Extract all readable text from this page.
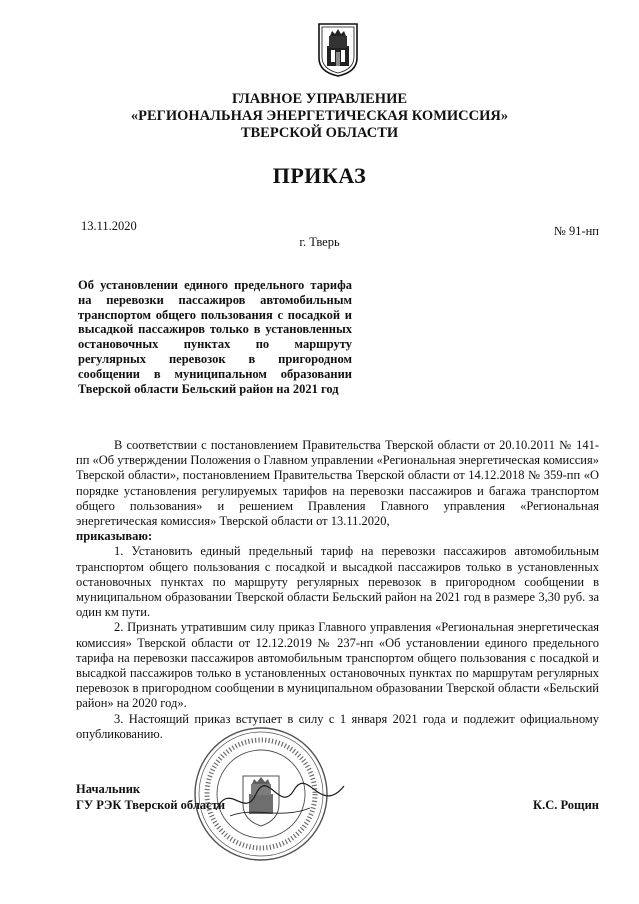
ГЛАВНОЕ УПРАВЛЕНИЕ
«РЕГИОНАЛЬНАЯ ЭНЕРГЕТИЧЕСКАЯ КОМИССИЯ»
ТВЕРСКОЙ ОБЛАСТИ
ПРИКАЗ
13.11.2020
г. Тверь
№ 91-нп
Об установлении единого предельного тарифа на перевозки пассажиров автомобильным транспортом общего пользования с посадкой и высадкой пассажиров только в установленных остановочных пунктах по маршруту регулярных перевозок в пригородном сообщении в муниципальном образовании Тверской области Бельский район на 2021 год

В соответствии с постановлением Правительства Тверской области от 20.10.2011 № 141-пп «Об утверждении Положения о Главном управлении «Региональная энергетическая комиссия» Тверской области», постановлением Правительства Тверской области от 14.12.2018 № 359-пп «О порядке установления регулируемых тарифов на перевозки пассажиров и багажа транспортом общего пользования» и решением Правления Главного управления «Региональная энергетическая комиссия» Тверской области от 13.11.2020,

приказываю:

1. Установить единый предельный тариф на перевозки пассажиров автомобильным транспортом общего пользования с посадкой и высадкой пассажиров только в установленных остановочных пунктах по маршруту регулярных перевозок в пригородном сообщении в муниципальном образовании Тверской области Бельский район на 2021 год в размере 3,30 руб. за один км пути.

2. Признать утратившим силу приказ Главного управления «Региональная энергетическая комиссия» Тверской области от 12.12.2019 № 237-нп «Об установлении единого предельного тарифа на перевозки пассажиров автомобильным транспортом общего пользования с посадкой и высадкой пассажиров только в установленных остановочных пунктах по маршрутам регулярных перевозок в пригородном сообщении в муниципальном образовании Тверской области «Бельский район» на 2020 год».

3. Настоящий приказ вступает в силу с 1 января 2021 года и подлежит официальному опубликованию.

Начальник
ГУ РЭК Тверской области	К.С. Рощин
